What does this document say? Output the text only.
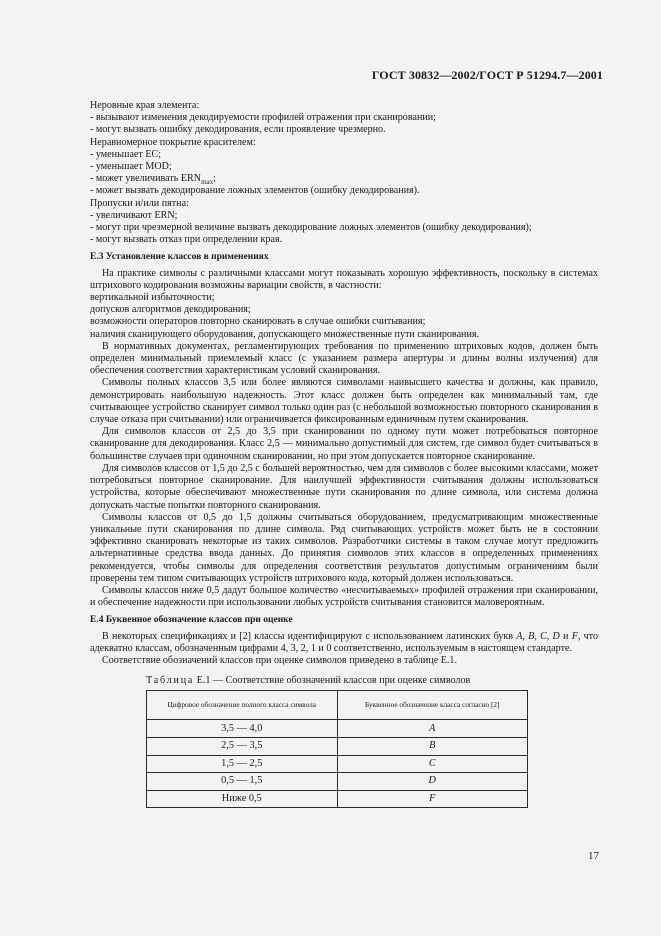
ГОСТ 30832—2002/ГОСТ Р 51294.7—2001

Неровные края элемента:

- вызывают изменения декодируемости профилей отражения при сканировании;

- могут вызвать ошибку декодирования, если проявление чрезмерно.

Неравномерное покрытие красителем:

- уменьшает EC;

- уменьшает MOD;

- может увеличивать $ERN_{max}$;

- может вызвать декодирование ложных элементов (ошибку декодирования).

Пропуски и/или пятна:

- увеличивают ERN;

- могут при чрезмерной величине вызвать декодирование ложных элементов (ошибку декодирования);

- могут вызвать отказ при определении края.

Е.3 Установление классов в применениях

На практике символы с различными классами могут показывать хорошую эффективность, поскольку в системах штрихового кодирования возможны вариации свойств, в частности:

вертикальной избыточности;

допусков алгоритмов декодирования;

возможности операторов повторно сканировать в случае ошибки считывания;

наличия сканирующего оборудования, допускающего множественные пути сканирования.

В нормативных документах, регламентирующих требования по применению штриховых кодов, должен быть определен минимальный приемлемый класс (с указанием размера апертуры и длины волны излучения) для обеспечения соответствия характеристикам условий сканирования.

Символы полных классов 3,5 или более являются символами наивысшего качества и должны, как правило, демонстрировать наибольшую надежность. Этот класс должен быть определен как минимальный там, где считывающее устройство сканирует символ только один раз (с небольшой возможностью повторного сканирования в случае отказа при считывании) или ограничивается фиксированным единичным путем сканирования.

Для символов классов от 2,5 до 3,5 при сканировании по одному пути может потребоваться повторное сканирование для декодирования. Класс 2,5 — минимально допустимый для систем, где символ будет считываться в большинстве случаев при одиночном сканировании, но при этом допускается повторное сканирование.

Для символов классов от 1,5 до 2,5 с большей вероятностью, чем для символов с более высокими классами, может потребоваться повторное сканирование. Для наилучшей эффективности считывания должны использоваться устройства, которые обеспечивают множественные пути сканирования по длине символа, или система должна допускать частые попытки повторного сканирования.

Символы классов от 0,5 до 1,5 должны считываться оборудованием, предусматривающим множественные уникальные пути сканирования по длине символа. Ряд считывающих устройств может быть не в состоянии эффективно сканировать некоторые из таких символов. Разработчики системы в таком случае могут предложить альтернативные средства ввода данных. До принятия символов этих классов в определенных применениях рекомендуется, чтобы символы для определения соответствия результатов допустимым ограничениям были проверены тем типом считывающих устройств штрихового кода, который должен использоваться.

Символы классов ниже 0,5 дадут большое количество «несчитываемых» профилей отражения при сканировании, и обеспечение надежности при использовании любых устройств считывания становится маловероятным.

Е.4 Буквенное обозначение классов при оценке

В некоторых спецификациях и [2] классы идентифицируют с использованием латинских букв A, B, C, D и F, что адекватно классам, обозначенным цифрами 4, 3, 2, 1 и 0 соответственно, используемым в настоящем стандарте.

Соответствие обозначений классов при оценке символов приведено в таблице Е.1.

Таблица Е.1 — Соответствие обозначений классов при оценке символов

Цифровое обозначение полного класса символа	Буквенное обозначение класса согласно [2]
3,5 — 4,0	A
2,5 — 3,5	B
1,5 — 2,5	C
0,5 — 1,5	D
Ниже 0,5	F
17
